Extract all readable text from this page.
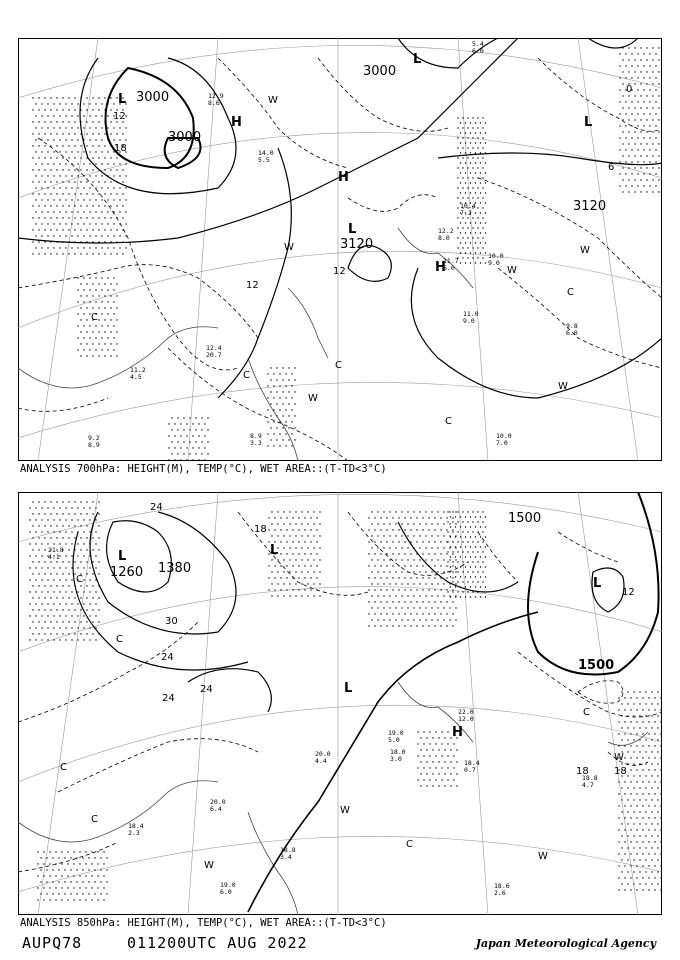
3000
3000
3000
3120
3120
L
L
L
L
H
H
H
12
12
18
12
6
0
W
W
W
W
W
C
C
C
C
C
W
12.9
8.6
14.0
5.5
11.2
4.5
9.2
8.9
10.0
9.0
11.0
9.0
9.8
6.0
10.0
7.0
12.2
8.0
11.7
6.0
12.4
20.7
8.9
3.3
5.4
6.0
10.4
7.2
ANALYSIS 700hPa: HEIGHT(M), TEMP(°C), WET AREA::(T-TD<3°C)
1260 1380
1500
1500
L	L
L
L
H
24
30
24
24
18
24
18
12
18
C
C
C
C
C
W
W
W
W
C
21.8
4.1
20.0
6.4
18.4
2.3
19.0
6.0
18.8
3.4
18.6
2.6
18.4
0.7
18.8
4.7
20.0
4.4
22.0
12.0
19.0
5.0
18.0
3.0
ANALYSIS 850hPa: HEIGHT(M), TEMP(°C), WET AREA::(T-TD<3°C)
AUPQ78	011200UTC AUG 2022	Japan Meteorological Agency
